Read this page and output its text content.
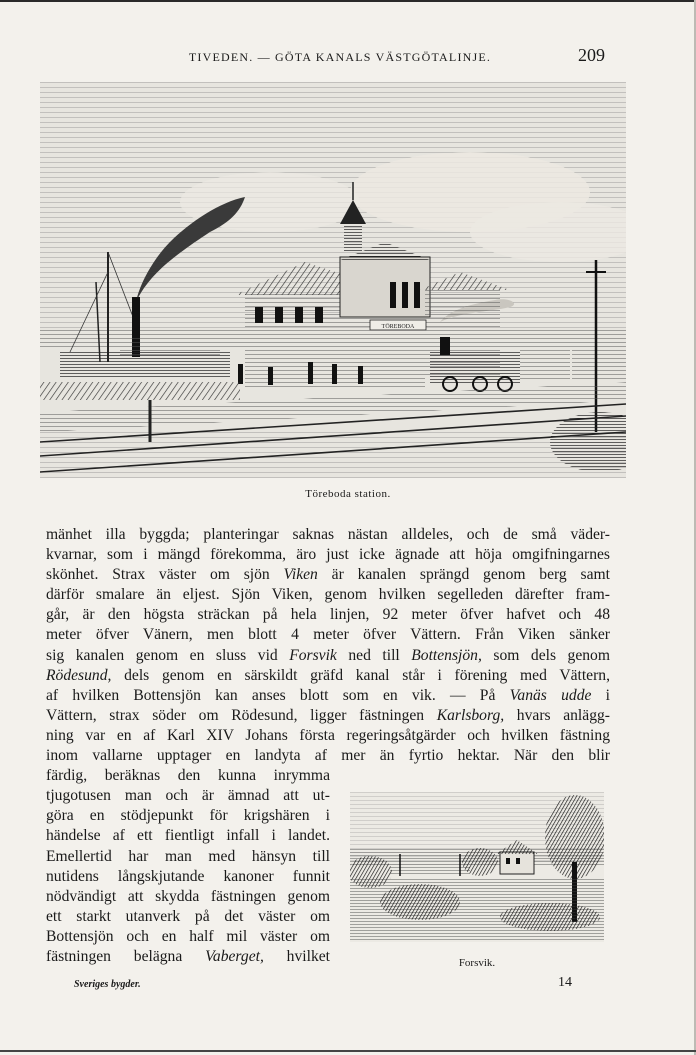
TIVEDEN. — GÖTA KANALS VÄSTGÖTALINJE.	209
TÖREBODA
Töreboda station.
mänhet illa byggda; planteringar saknas nästan alldeles, och de små väder-
kvarnar, som i mängd förekomma, äro just icke ägnade att höja omgifningarnes
skönhet. Strax väster om sjön Viken är kanalen sprängd genom berg samt
därför smalare än eljest. Sjön Viken, genom hvilken segelleden därefter fram-
går, är den högsta sträckan på hela linjen, 92 meter öfver hafvet och 48
meter öfver Vänern, men blott 4 meter öfver Vättern. Från Viken sänker
sig kanalen genom en sluss vid Forsvik ned till Bottensjön, som dels genom
Rödesund, dels genom en särskildt gräfd kanal står i förening med Vättern,
af hvilken Bottensjön kan anses blott som en vik. — På Vanäs udde i
Vättern, strax söder om Rödesund, ligger fästningen Karlsborg, hvars anlägg-
ning var en af Karl XIV Johans första regeringsåtgärder och hvilken fästning
inom vallarne upptager en landyta af mer än fyrtio hektar. När den blir
färdig, beräknas den kunna inrymma
tjugotusen man och är ämnad att ut-
göra en stödjepunkt för krigshären i
händelse af ett fientligt infall i landet.
Emellertid har man med hänsyn till
nutidens långskjutande kanoner funnit
nödvändigt att skydda fästningen genom
ett starkt utanverk på det väster om
Bottensjön och en half mil väster om
fästningen belägna Vaberget, hvilket	Forsvik.
Sveriges bygder.	14
